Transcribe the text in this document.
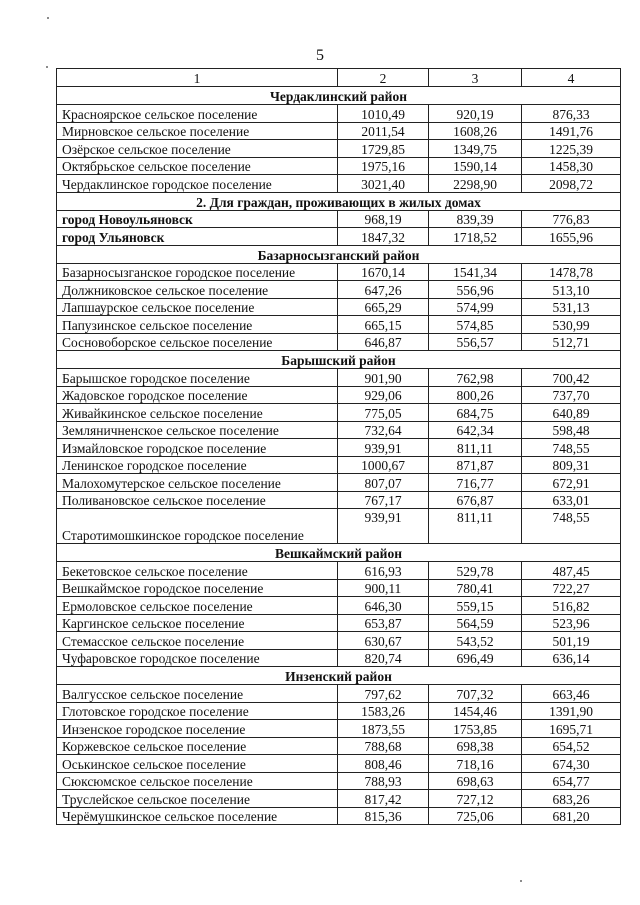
5
1	2	3	4
Чердаклинский район			
Красноярское сельское поселение	1010,49	920,19	876,33
Мирновское сельское поселение	2011,54	1608,26	1491,76
Озёрское сельское поселение	1729,85	1349,75	1225,39
Октябрьское сельское поселение	1975,16	1590,14	1458,30
Чердаклинское городское поселение	3021,40	2298,90	2098,72
2. Для граждан, проживающих в жилых домах			
город Новоульяновск	968,19	839,39	776,83
город Ульяновск	1847,32	1718,52	1655,96
Базарносызганский район			
Базарносызганское городское поселение	1670,14	1541,34	1478,78
Должниковское сельское поселение	647,26	556,96	513,10
Лапшаурское сельское поселение	665,29	574,99	531,13
Папузинское сельское поселение	665,15	574,85	530,99
Сосновоборское сельское поселение	646,87	556,57	512,71
Барышский район			
Барышское городское поселение	901,90	762,98	700,42
Жадовское городское поселение	929,06	800,26	737,70
Живайкинское сельское поселение	775,05	684,75	640,89
Земляничненское сельское поселение	732,64	642,34	598,48
Измайловское городское поселение	939,91	811,11	748,55
Ленинское городское поселение	1000,67	871,87	809,31
Малохомутерское сельское поселение	807,07	716,77	672,91
Поливановское сельское поселение	767,17	676,87	633,01
Старотимошкинское городское поселение	939,91	811,11	748,55
Вешкаймский район			
Бекетовское сельское поселение	616,93	529,78	487,45
Вешкаймское городское поселение	900,11	780,41	722,27
Ермоловское сельское поселение	646,30	559,15	516,82
Каргинское сельское поселение	653,87	564,59	523,96
Стемасское сельское поселение	630,67	543,52	501,19
Чуфаровское городское поселение	820,74	696,49	636,14
Инзенский район			
Валгусское сельское поселение	797,62	707,32	663,46
Глотовское городское поселение	1583,26	1454,46	1391,90
Инзенское городское поселение	1873,55	1753,85	1695,71
Коржевское сельское поселение	788,68	698,38	654,52
Оськинское сельское поселение	808,46	718,16	674,30
Сюксюмское сельское поселение	788,93	698,63	654,77
Труслейское сельское поселение	817,42	727,12	683,26
Черёмушкинское сельское поселение	815,36	725,06	681,20
